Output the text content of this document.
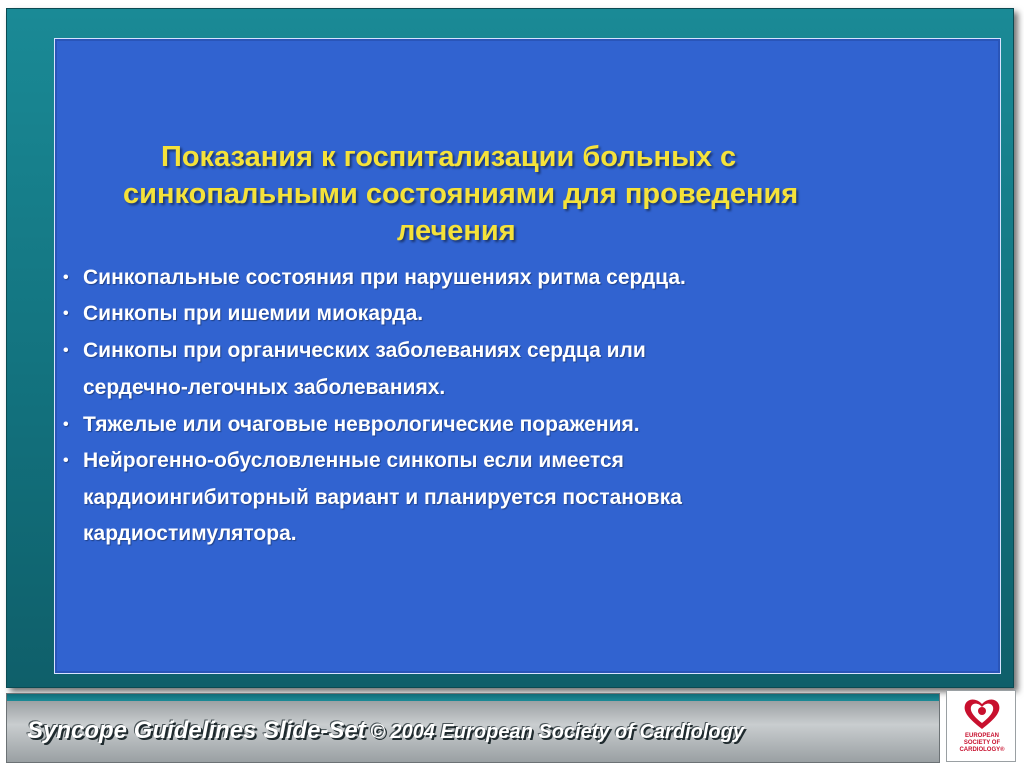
Показания к госпитализации больных с
синкопальными состояниями для проведения
лечения
• Синкопальные состояния при нарушениях ритма сердца.
• Синкопы при ишемии миокарда.
• Синкопы при органических заболеваниях сердца или
сердечно-легочных заболеваниях.
• Тяжелые или очаговые неврологические поражения.
• Нейрогенно-обусловленные синкопы если имеется
кардиоингибиторный вариант и планируется постановка
кардиостимулятора.
Syncope Guidelines Slide-Set © 2004 European Society of Cardiology	EUROPEAN
SOCIETY OF
CARDIOLOGY®
